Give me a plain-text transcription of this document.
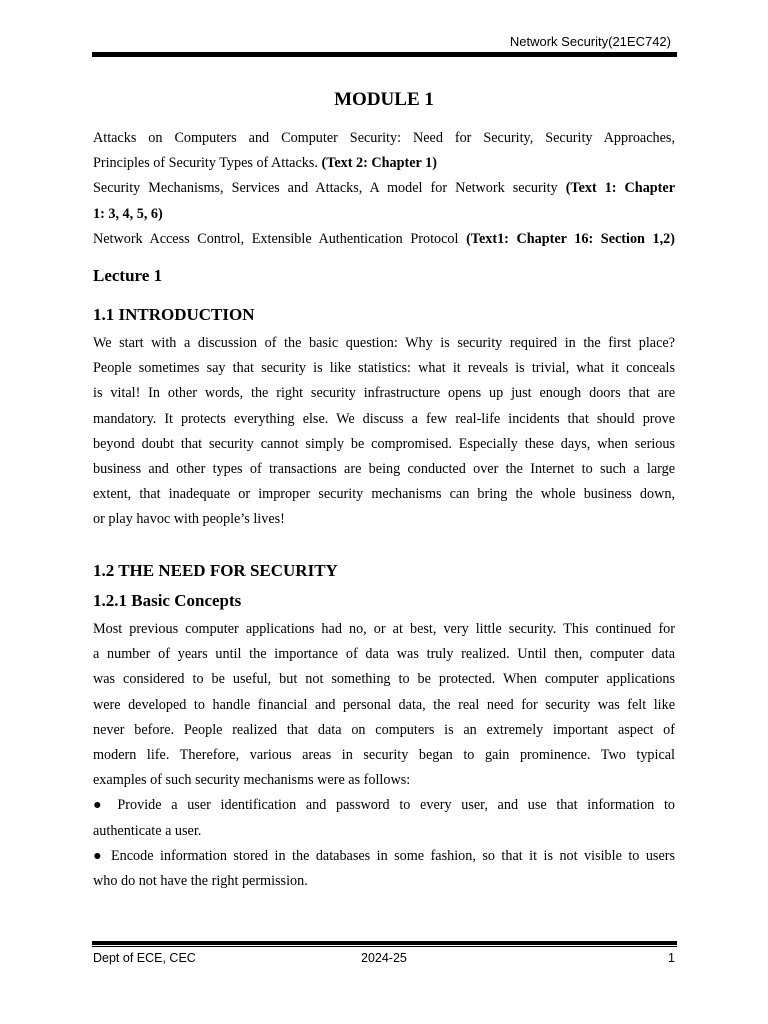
Network Security(21EC742)
MODULE 1
Attacks on Computers and Computer Security: Need for Security, Security Approaches,
Principles of Security Types of Attacks. (Text 2: Chapter 1)
Security Mechanisms, Services and Attacks, A model for Network security (Text 1: Chapter
1: 3, 4, 5, 6)
Network Access Control, Extensible Authentication Protocol (Text1: Chapter 16: Section 1,2)
Lecture 1
1.1 INTRODUCTION
We start with a discussion of the basic question: Why is security required in the first place?
People sometimes say that security is like statistics: what it reveals is trivial, what it conceals
is vital! In other words, the right security infrastructure opens up just enough doors that are
mandatory. It protects everything else. We discuss a few real-life incidents that should prove
beyond doubt that security cannot simply be compromised. Especially these days, when serious
business and other types of transactions are being conducted over the Internet to such a large
extent, that inadequate or improper security mechanisms can bring the whole business down,
or play havoc with people’s lives!
1.2 THE NEED FOR SECURITY
1.2.1 Basic Concepts
Most previous computer applications had no, or at best, very little security. This continued for
a number of years until the importance of data was truly realized. Until then, computer data
was considered to be useful, but not something to be protected. When computer applications
were developed to handle financial and personal data, the real need for security was felt like
never before. People realized that data on computers is an extremely important aspect of
modern life. Therefore, various areas in security began to gain prominence. Two typical
examples of such security mechanisms were as follows:
● Provide a user identification and password to every user, and use that information to
authenticate a user.
● Encode information stored in the databases in some fashion, so that it is not visible to users
who do not have the right permission.
Dept of ECE, CEC	2024-25	1
